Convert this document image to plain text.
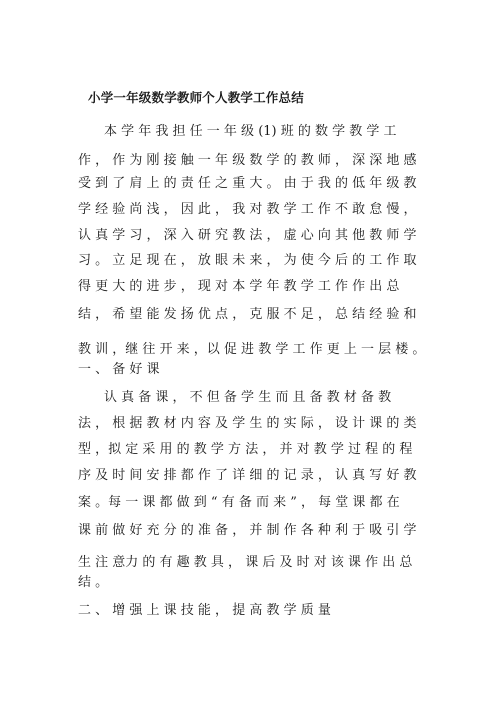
小学一年级数学教师个人教学工作总结
　　本 学 年 我 担 任 一 年 级 (1) 班 的 数 学 教 学 工
作 ， 作 为 刚 接 触 一 年 级 数 学 的 教 师 ， 深 深 地 感
受 到 了 肩 上 的 责 任 之 重 大 。 由 于 我 的 低 年 级 教
学 经 验 尚 浅 ， 因 此 ， 我 对 教 学 工 作 不 敢 怠 慢 ，
认 真 学 习 ， 深 入 研 究 教 法 ， 虚 心 向 其 他 教 师 学
习 。 立 足 现 在 ， 放 眼 未 来 ， 为 使 今 后 的 工 作 取
得 更 大 的 进 步 ， 现 对 本 学 年 教 学 工 作 作 出 总
结 ， 希 望 能 发 扬 优 点 ， 克 服 不 足 ， 总 结 经 验 和
教 训 ，继 往 开 来 ，以 促 进 教 学 工 作 更 上 一 层 楼 。
一 、 备 好 课
　　认 真 备 课 ， 不 但 备 学 生 而 且 备 教 材 备 教
法 ， 根 据 教 材 内 容 及 学 生 的 实 际 ， 设 计 课 的 类
型 ，拟 定 采 用 的 教 学 方 法 ， 并 对 教 学 过 程 的 程
序 及 时 间 安 排 都 作 了 详 细 的 记 录 ， 认 真 写 好 教
案 。每 一 课 都 做 到 “ 有 备 而 来 ” ， 每 堂 课 都 在
课 前 做 好 充 分 的 准 备 ， 并 制 作 各 种 利 于 吸 引 学
生 注 意力 的 有 趣 教 具 ， 课 后 及 时 对 该 课 作 出 总
结 。
二 、 增 强 上 课 技 能 ， 提 高 教 学 质 量
